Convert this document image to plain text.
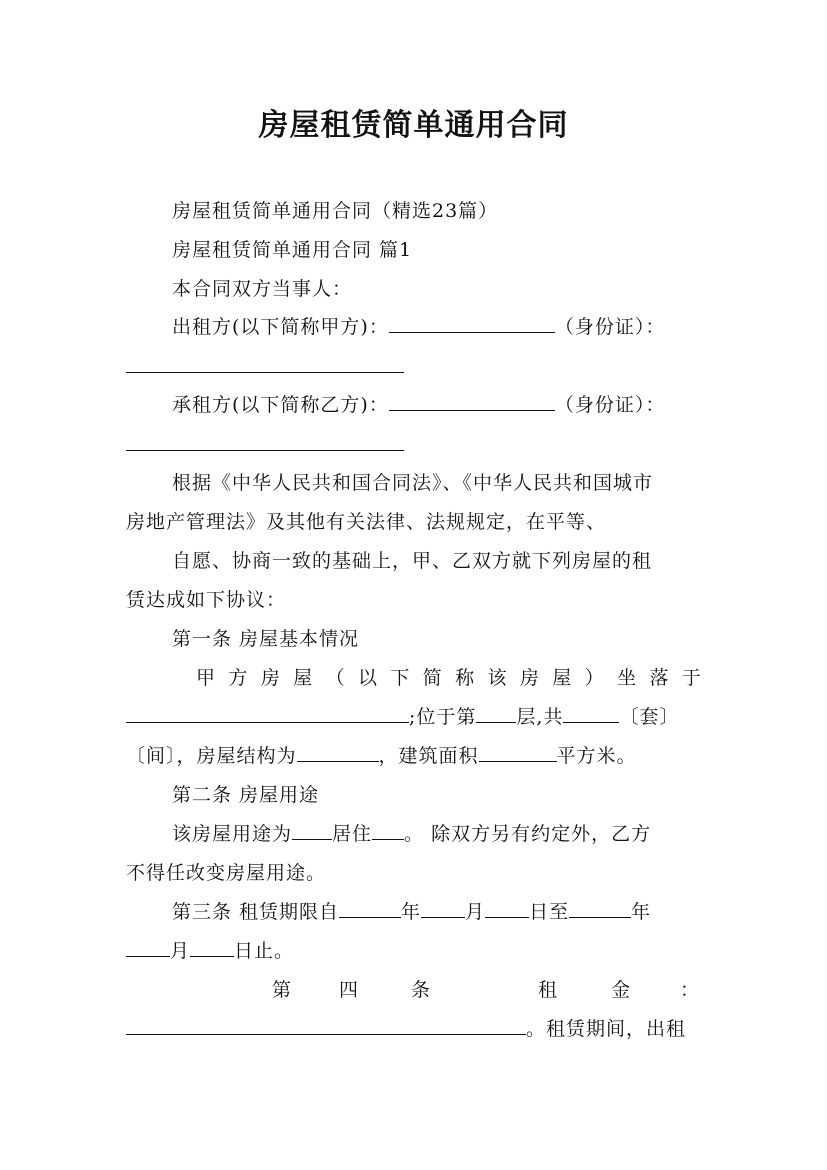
房屋租赁简单通用合同
房屋租赁简单通用合同（精选23篇）
房屋租赁简单通用合同 篇1
本合同双方当事人：
出租方(以下简称甲方)：	（身份证）：
承租方(以下简称乙方)：	（身份证）：
根据《中华人民共和国合同法》、《中华人民共和国城市
房地产管理法》及其他有关法律、法规规定，在平等、
自愿、协商一致的基础上，甲、乙双方就下列房屋的租
赁达成如下协议：
第一条 房屋基本情况
甲 方 房 屋 （ 以 下 简 称 该 房 屋 ） 坐 落 于
;位于第 层,共	〔套〕
〔间〕，房屋结构为	，建筑面积	平方米。
第二条 房屋用途
该房屋用途为 居住 。 除双方另有约定外，乙方
不得任改变房屋用途。
第三条 租赁期限自	年 月 日至	年
月 日止。
第 四	条	租	金	：
。租赁期间，出租
